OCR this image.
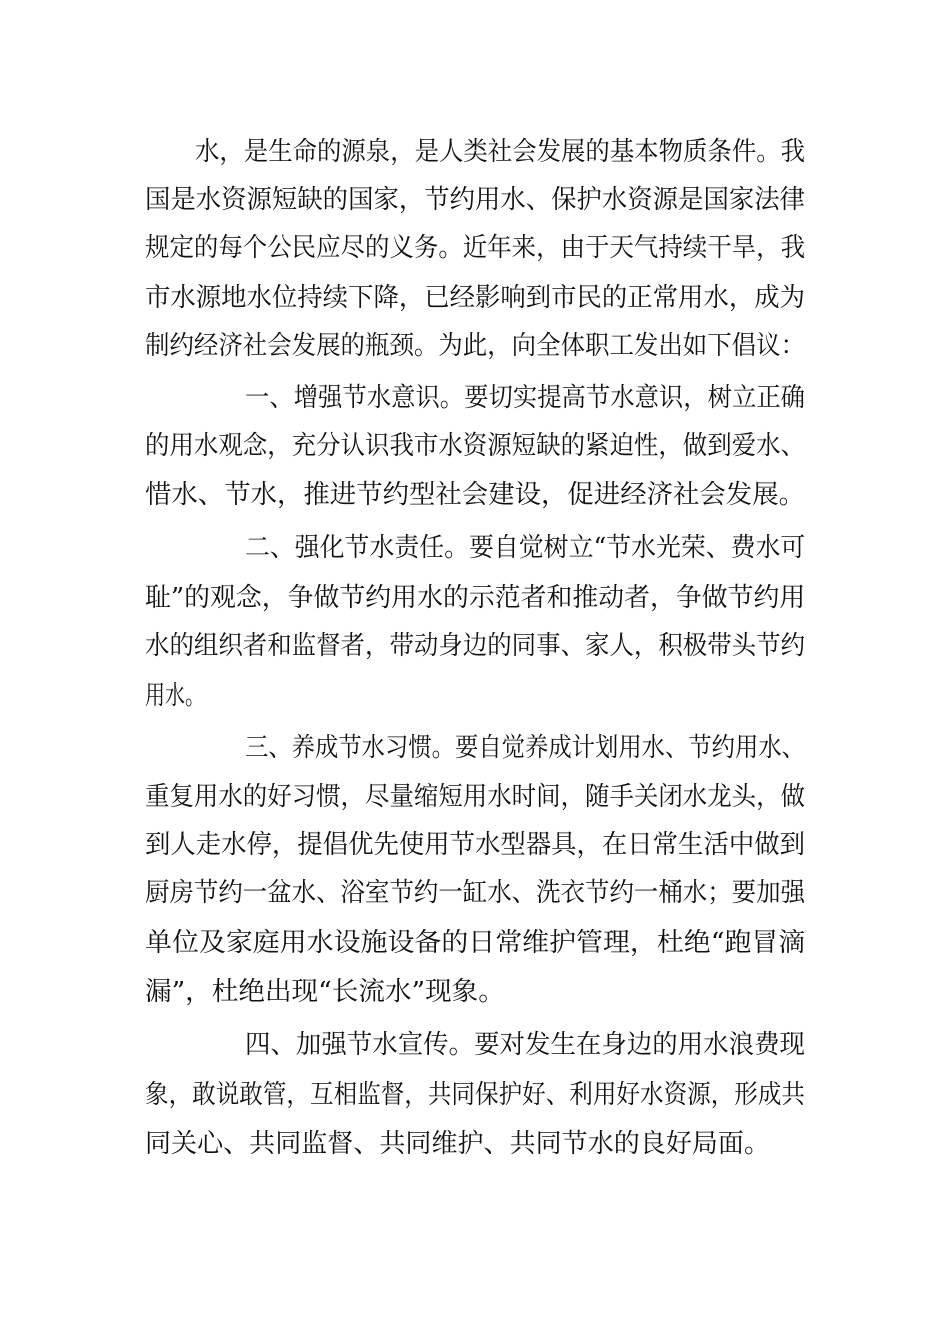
水，是生命的源泉，是人类社会发展的基本物质条件。我
国是水资源短缺的国家，节约用水、保护水资源是国家法律
规定的每个公民应尽的义务。近年来，由于天气持续干旱，我
市水源地水位持续下降，已经影响到市民的正常用水，成为
制约经济社会发展的瓶颈。为此，向全体职工发出如下倡议：
一、增强节水意识。要切实提高节水意识，树立正确
的用水观念，充分认识我市水资源短缺的紧迫性，做到爱水、
惜水、节水，推进节约型社会建设，促进经济社会发展。
二、强化节水责任。要自觉树立“节水光荣、费水可
耻”的观念，争做节约用水的示范者和推动者，争做节约用
水的组织者和监督者，带动身边的同事、家人，积极带头节约
用水。
三、养成节水习惯。要自觉养成计划用水、节约用水、
重复用水的好习惯，尽量缩短用水时间，随手关闭水龙头，做
到人走水停，提倡优先使用节水型器具，在日常生活中做到
厨房节约一盆水、浴室节约一缸水、洗衣节约一桶水；要加强
单位及家庭用水设施设备的日常维护管理，杜绝“跑冒滴
漏”，杜绝出现“长流水”现象。
四、加强节水宣传。要对发生在身边的用水浪费现
象，敢说敢管，互相监督，共同保护好、利用好水资源，形成共
同关心、共同监督、共同维护、共同节水的良好局面。
